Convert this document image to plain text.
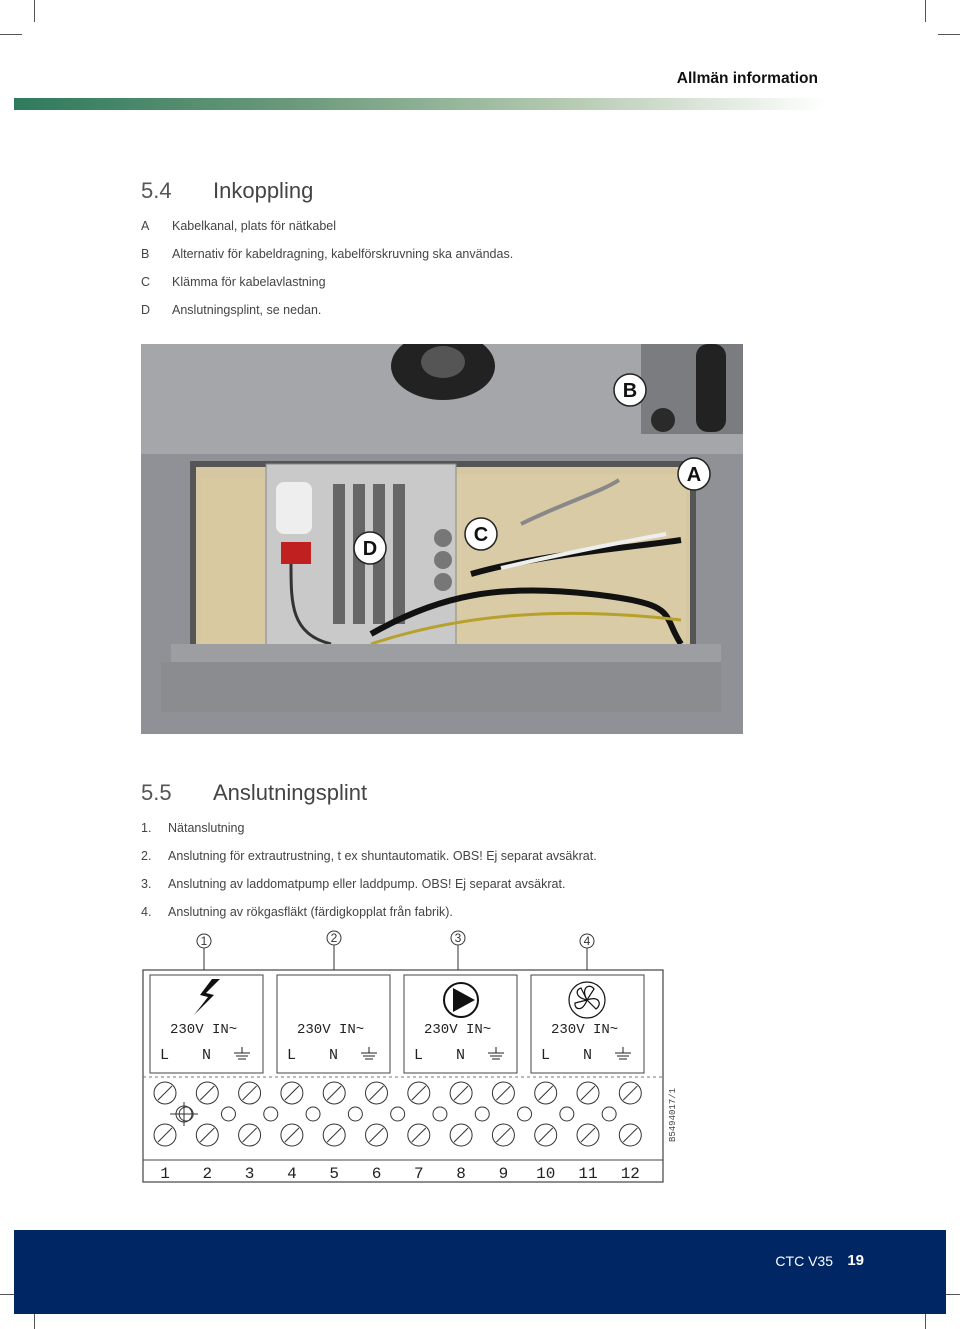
Allmän information
5.4 Inkoppling
A Kabelkanal, plats för nätkabel
B Alternativ för kabeldragning, kabelförskruvning ska användas.
C Klämma för kabelavlastning
D Anslutningsplint, se nedan.
B
A
D
C
5.5 Anslutningsplint
1. Nätanslutning
2. Anslutning för extrautrustning, t ex shuntautomatik. OBS! Ej separat avsäkrat.
3. Anslutning av laddomatpump eller laddpump. OBS! Ej separat avsäkrat.
4. Anslutning av rökgasfläkt (färdigkopplat från fabrik).
1	2	3	4
230V IN~
L N
230V IN~
L N
230V IN~
L N
230V IN~
L N
1 2 3 4 5 6 7 8 9 10 11 12
B5494017/1
CTC V35 19
